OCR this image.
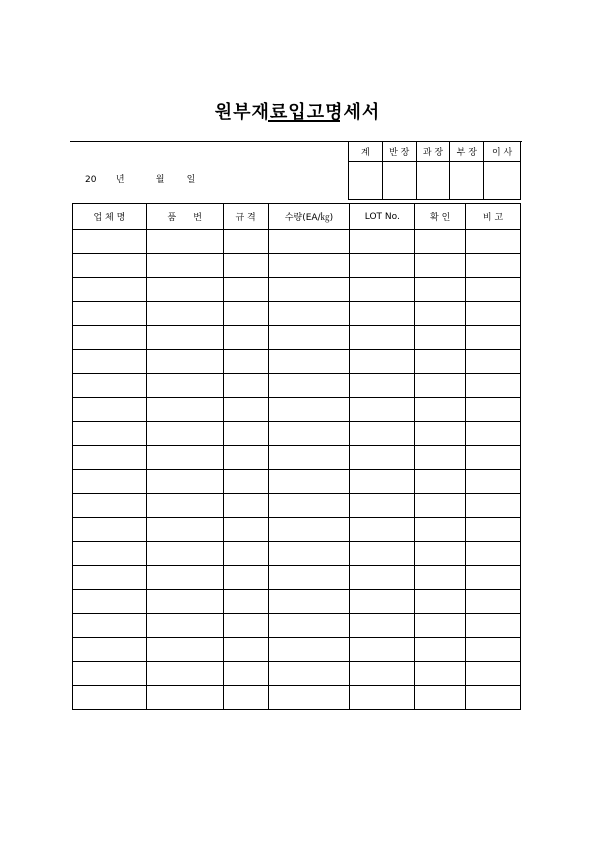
원부재료입고명세서
20 년	월 일
계	반 장	과 장	부 장	이 사

업 체 명	품      번	규 격	수량(EA/㎏)	LOT No.	확 인	비 고
